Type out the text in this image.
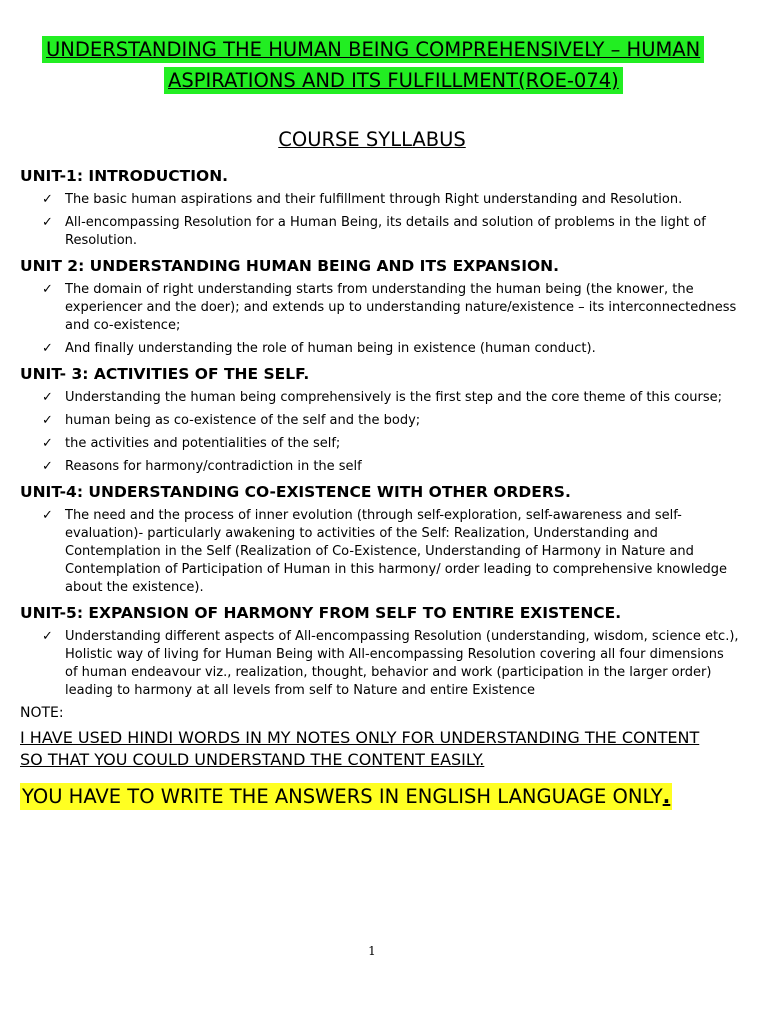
UNDERSTANDING THE HUMAN BEING COMPREHENSIVELY – HUMAN
ASPIRATIONS AND ITS FULFILLMENT(ROE-074)
COURSE SYLLABUS
UNIT-1: INTRODUCTION.
✓ The basic human aspirations and their fulfillment through Right understanding and Resolution.
✓ All-encompassing Resolution for a Human Being, its details and solution of problems in the light of Resolution.
UNIT 2: UNDERSTANDING HUMAN BEING AND ITS EXPANSION.
✓ The domain of right understanding starts from understanding the human being (the knower, the experiencer and the doer); and extends up to understanding nature/existence – its interconnectedness and co-existence;
✓ And finally understanding the role of human being in existence (human conduct).
UNIT- 3: ACTIVITIES OF THE SELF.
✓ Understanding the human being comprehensively is the first step and the core theme of this course;
✓ human being as co-existence of the self and the body;
✓ the activities and potentialities of the self;
✓ Reasons for harmony/contradiction in the self
UNIT-4: UNDERSTANDING CO-EXISTENCE WITH OTHER ORDERS.
✓ The need and the process of inner evolution (through self-exploration, self-awareness and self-evaluation)- particularly awakening to activities of the Self: Realization, Understanding and Contemplation in the Self (Realization of Co-Existence, Understanding of Harmony in Nature and Contemplation of Participation of Human in this harmony/ order leading to comprehensive knowledge about the existence).
UNIT-5: EXPANSION OF HARMONY FROM SELF TO ENTIRE EXISTENCE.
✓ Understanding different aspects of All-encompassing Resolution (understanding, wisdom, science etc.), Holistic way of living for Human Being with All-encompassing Resolution covering all four dimensions of human endeavour viz., realization, thought, behavior and work (participation in the larger order) leading to harmony at all levels from self to Nature and entire Existence
NOTE:

I HAVE USED HINDI WORDS IN MY NOTES ONLY FOR UNDERSTANDING THE CONTENT SO THAT YOU COULD UNDERSTAND THE CONTENT EASILY.

YOU HAVE TO WRITE THE ANSWERS IN ENGLISH LANGUAGE ONLY.
1
